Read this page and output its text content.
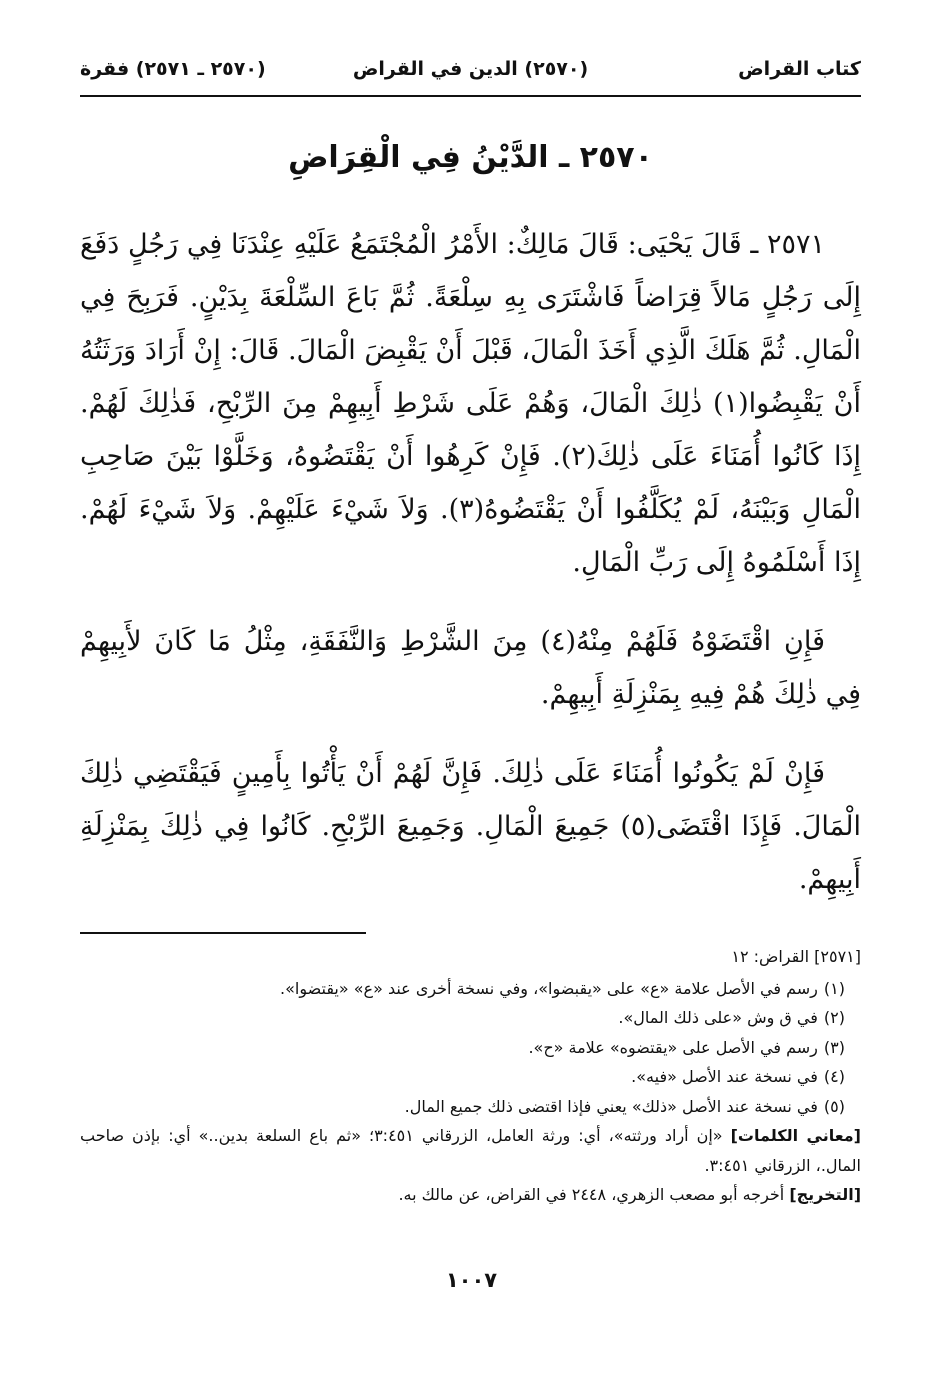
كتاب القراض
(٢٥٧٠) الدين في القراض
(٢٥٧٠ ـ ٢٥٧١) فقرة
٢٥٧٠ ـ الدَّيْنُ فِي الْقِرَاضِ

٢٥٧١ ـ قَالَ يَحْيَى: قَالَ مَالِكٌ: الأَمْرُ الْمُجْتَمَعُ عَلَيْهِ عِنْدَنَا فِي رَجُلٍ دَفَعَ إِلَى رَجُلٍ مَالاً قِرَاضاً فَاشْتَرَى بِهِ سِلْعَةً. ثُمَّ بَاعَ السِّلْعَةَ بِدَيْنٍ. فَرَبِحَ فِي الْمَالِ. ثُمَّ هَلَكَ الَّذِي أَخَذَ الْمَالَ، قَبْلَ أَنْ يَقْبِضَ الْمَالَ. قَالَ: إِنْ أَرَادَ وَرَثَتُهُ أَنْ يَقْبِضُوا(١) ذٰلِكَ الْمَالَ، وَهُمْ عَلَى شَرْطِ أَبِيهِمْ مِنَ الرِّبْحِ، فَذٰلِكَ لَهُمْ. إِذَا كَانُوا أُمَنَاءَ عَلَى ذٰلِكَ(٢). فَإِنْ كَرِهُوا أَنْ يَقْتَضُوهُ، وَخَلَّوْا بَيْنَ صَاحِبِ الْمَالِ وَبَيْنَهُ، لَمْ يُكَلَّفُوا أَنْ يَقْتَضُوهُ(٣). وَلاَ شَيْءَ عَلَيْهِمْ. وَلاَ شَيْءَ لَهُمْ. إِذَا أَسْلَمُوهُ إِلَى رَبِّ الْمَالِ.

فَإِنِ اقْتَضَوْهُ فَلَهُمْ مِنْهُ(٤) مِنَ الشَّرْطِ وَالنَّفَقَةِ، مِثْلُ مَا كَانَ لأَبِيهِمْ فِي ذٰلِكَ هُمْ فِيهِ بِمَنْزِلَةِ أَبِيهِمْ.

فَإِنْ لَمْ يَكُونُوا أُمَنَاءَ عَلَى ذٰلِكَ. فَإِنَّ لَهُمْ أَنْ يَأْتُوا بِأَمِينٍ فَيَقْتَضِي ذٰلِكَ الْمَالَ. فَإِذَا اقْتَضَى(٥) جَمِيعَ الْمَالِ. وَجَمِيعَ الرِّبْحِ. كَانُوا فِي ذٰلِكَ بِمَنْزِلَةِ أَبِيهِمْ.

[٢٥٧١] القراض: ١٢

(١)رسم في الأصل علامة «ع» على «يقبضوا»، وفي نسخة أخرى عند «ع» «يقتضوا».
(٢)في ق وش «على ذلك المال».
(٣)رسم في الأصل على «يقتضوه» علامة «ح».
(٤)في نسخة عند الأصل «فيه».
(٥)في نسخة عند الأصل «ذلك» يعني فإذا اقتضى ذلك جميع المال.

[معاني الكلمات] «إن أراد ورثته»، أي: ورثة العامل، الزرقاني ٣:٤٥١؛ «ثم باع السلعة بدين..» أي: بإذن صاحب المال.، الزرقاني ٣:٤٥١.

[التخريج] أخرجه أبو مصعب الزهري، ٢٤٤٨ في القراض، عن مالك به.

١٠٠٧
